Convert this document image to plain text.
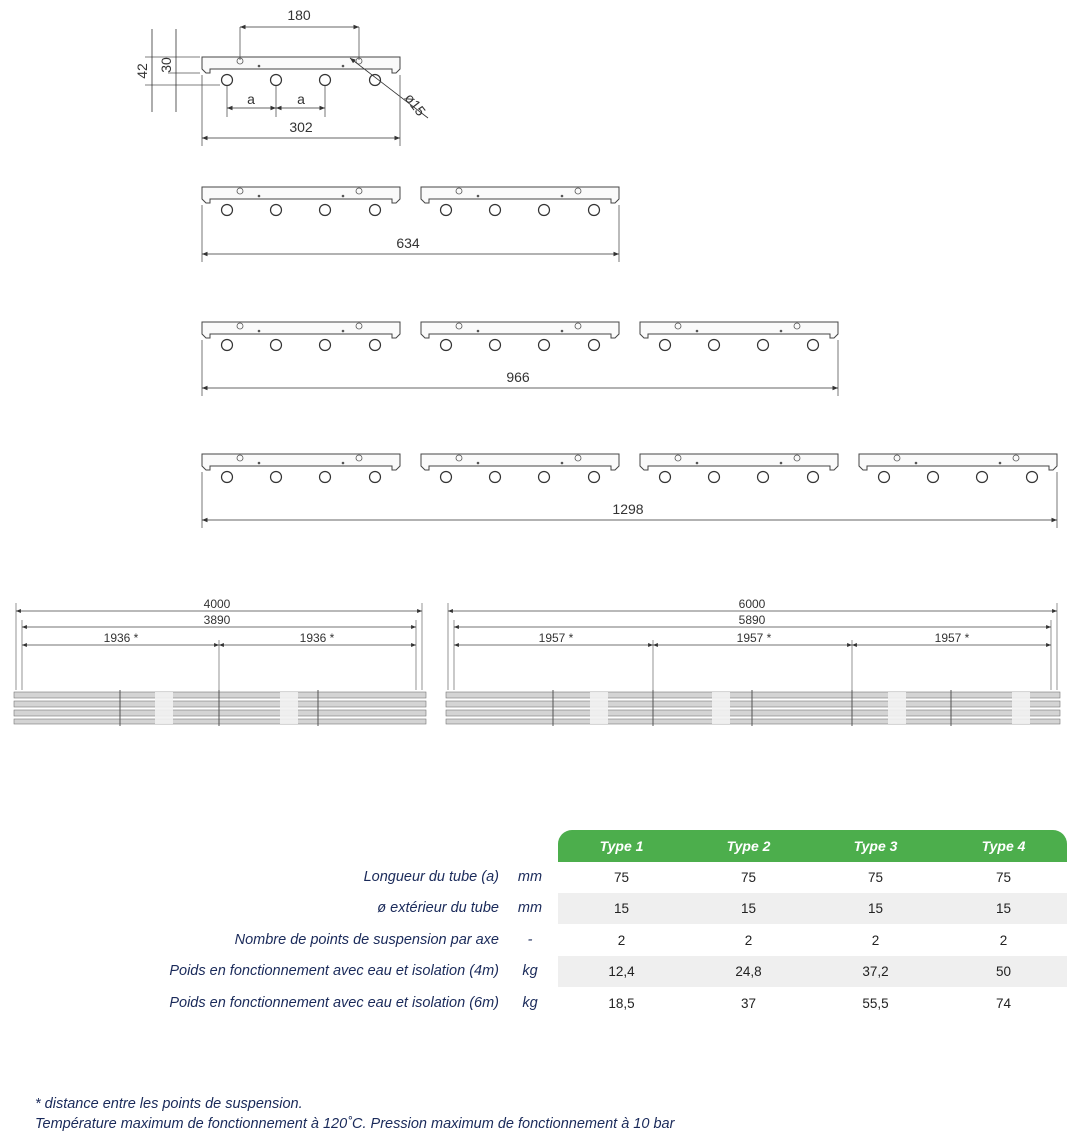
180
42 30
a	a	ø15
302
634
966
1298
4000
3890
1936 *	1936 *
6000
5890
1957 *	1957 *	1957 *
Type 1	Type 2	Type 3	Type 4
Longueur du tube (a)	mm	75	75	75	75
ø extérieur du tube	mm	15	15	15	15
Nombre de points de suspension par axe	-	2	2	2	2
Poids en fonctionnement avec eau et isolation (4m)	kg	12,4	24,8	37,2	50
Poids en fonctionnement avec eau et isolation (6m)	kg	18,5	37	55,5	74
* distance entre les points de suspension.
Température maximum de fonctionnement à 120˚C. Pression maximum de fonctionnement à 10 bar
